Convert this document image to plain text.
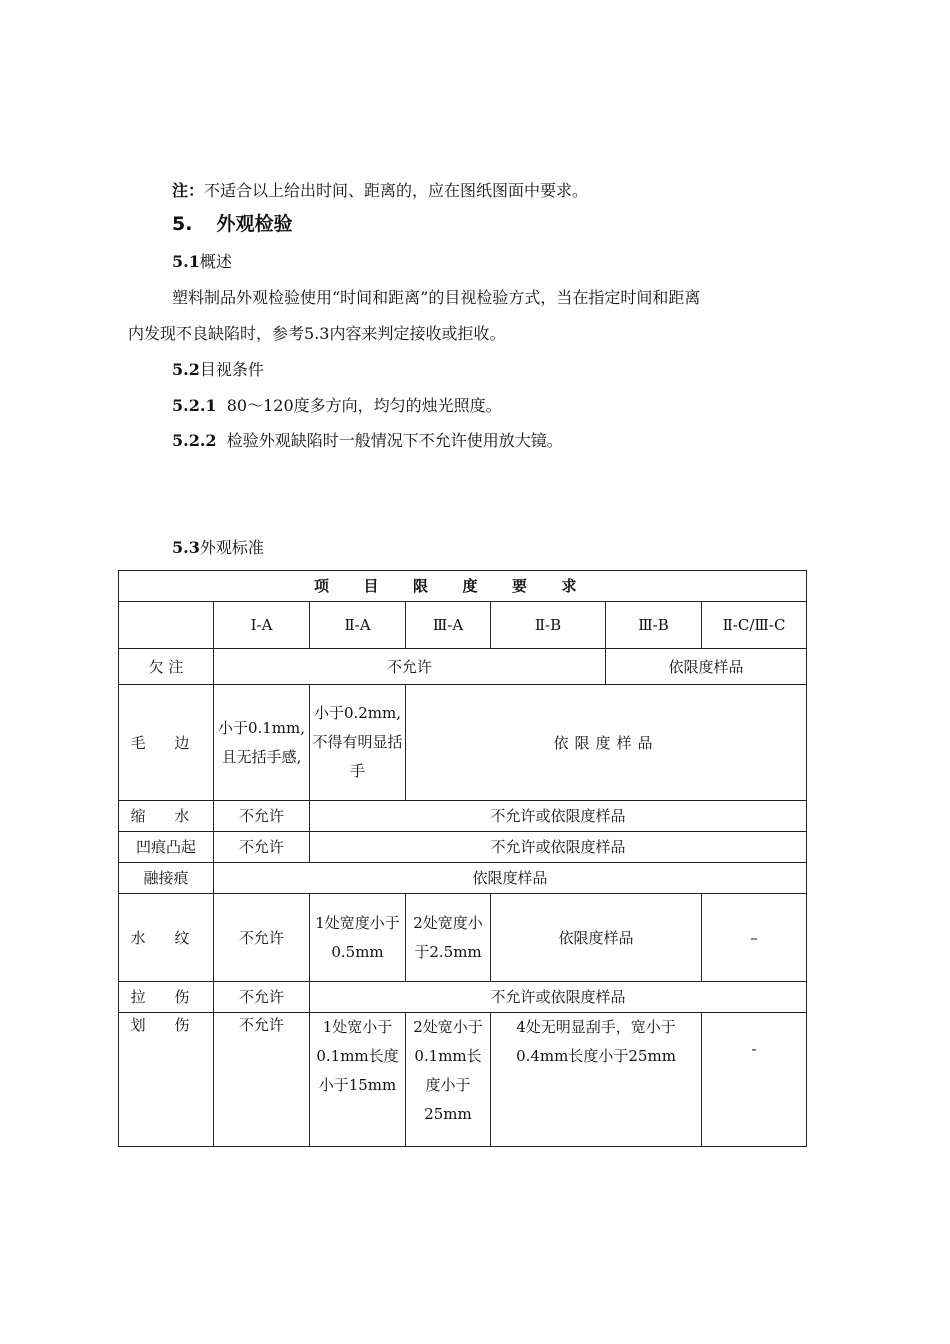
注：不适合以上给出时间、距离的，应在图纸图面中要求。
5. 外观检验
5.1概述
塑料制品外观检验使用“时间和距离”的目视检验方式，当在指定时间和距离
内发现不良缺陷时，参考5.3内容来判定接收或拒收。
5.2目视条件
5.2.1 80～120度多方向，均匀的烛光照度。
5.2.2 检验外观缺陷时一般情况下不允许使用放大镜。
5.3外观标准
项目限度要求						
	Ⅰ-A	Ⅱ-A	Ⅲ-A	Ⅱ-B	Ⅲ-B	Ⅱ-C/Ⅲ-C
欠 注	不允许				依限度样品	
毛 边	小于0.1mm,且无括手感,	小于0.2mm,不得有明显括手	依限度样品			
缩 水	不允许	不允许或依限度样品				
凹痕凸起	不允许	不允许或依限度样品				
融接痕	依限度样品					
水 纹	不允许	1处宽度小于0.5mm	2处宽度小于2.5mm	依限度样品		–
拉 伤	不允许	不允许或依限度样品				
划 伤	不允许	1处宽小于0.1mm长度小于15mm	2处宽小于0.1mm长度小于25mm	4处无明显刮手，宽小于0.4mm长度小于25mm		-
